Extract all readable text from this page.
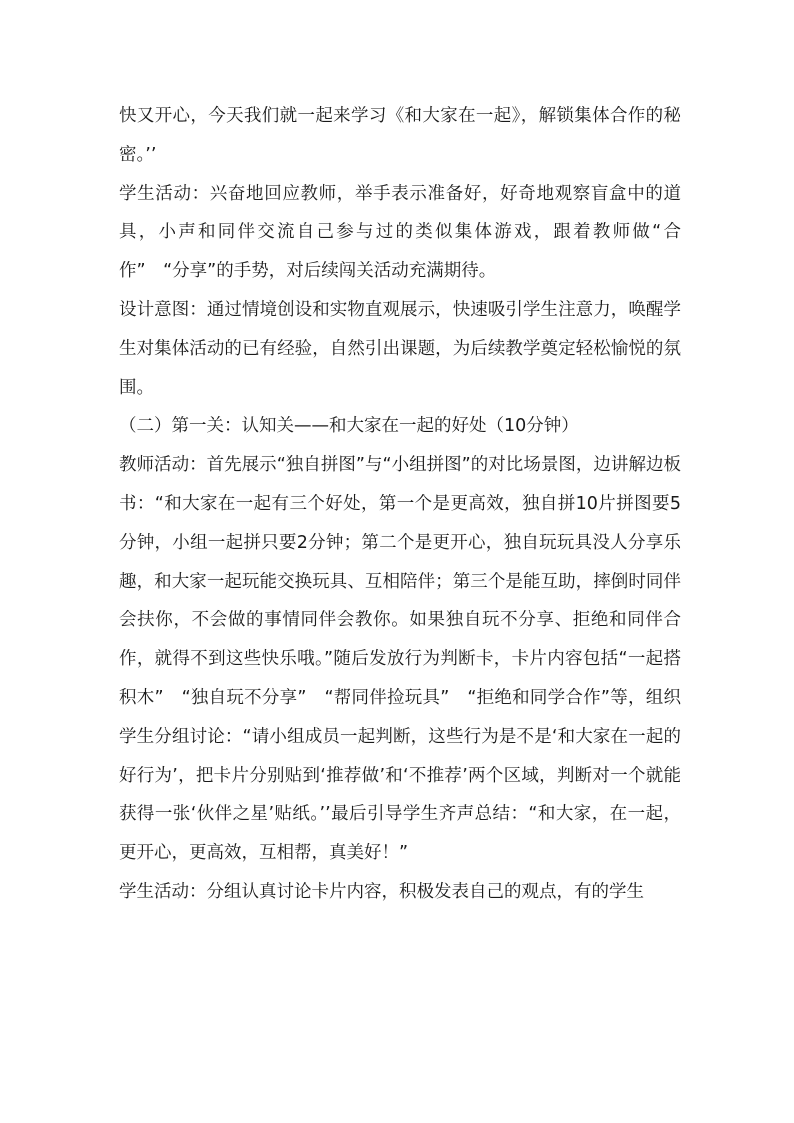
快又开心，今天我们就一起来学习《和大家在一起》，解锁集体合作的秘密。’’

学生活动：兴奋地回应教师，举手表示准备好，好奇地观察盲盒中的道具，小声和同伴交流自己参与过的类似集体游戏，跟着教师做“合作”　“分享”的手势，对后续闯关活动充满期待。

设计意图：通过情境创设和实物直观展示，快速吸引学生注意力，唤醒学生对集体活动的已有经验，自然引出课题，为后续教学奠定轻松愉悦的氛围。

（二）第一关：认知关——和大家在一起的好处（10分钟）

教师活动：首先展示“独自拼图”与“小组拼图”的对比场景图，边讲解边板书：“和大家在一起有三个好处，第一个是更高效，独自拼10片拼图要5分钟，小组一起拼只要2分钟；第二个是更开心，独自玩玩具没人分享乐趣，和大家一起玩能交换玩具、互相陪伴；第三个是能互助，摔倒时同伴会扶你，不会做的事情同伴会教你。如果独自玩不分享、拒绝和同伴合作，就得不到这些快乐哦。”随后发放行为判断卡，卡片内容包括“一起搭积木”　“独自玩不分享”　“帮同伴捡玩具”　“拒绝和同学合作”等，组织学生分组讨论：“请小组成员一起判断，这些行为是不是‘和大家在一起的好行为’，把卡片分别贴到‘推荐做’和‘不推荐’两个区域，判断对一个就能获得一张‘伙伴之星’贴纸。’’最后引导学生齐声总结：“和大家，在一起，更开心，更高效，互相帮，真美好！”

学生活动：分组认真讨论卡片内容，积极发表自己的观点，有的学生
